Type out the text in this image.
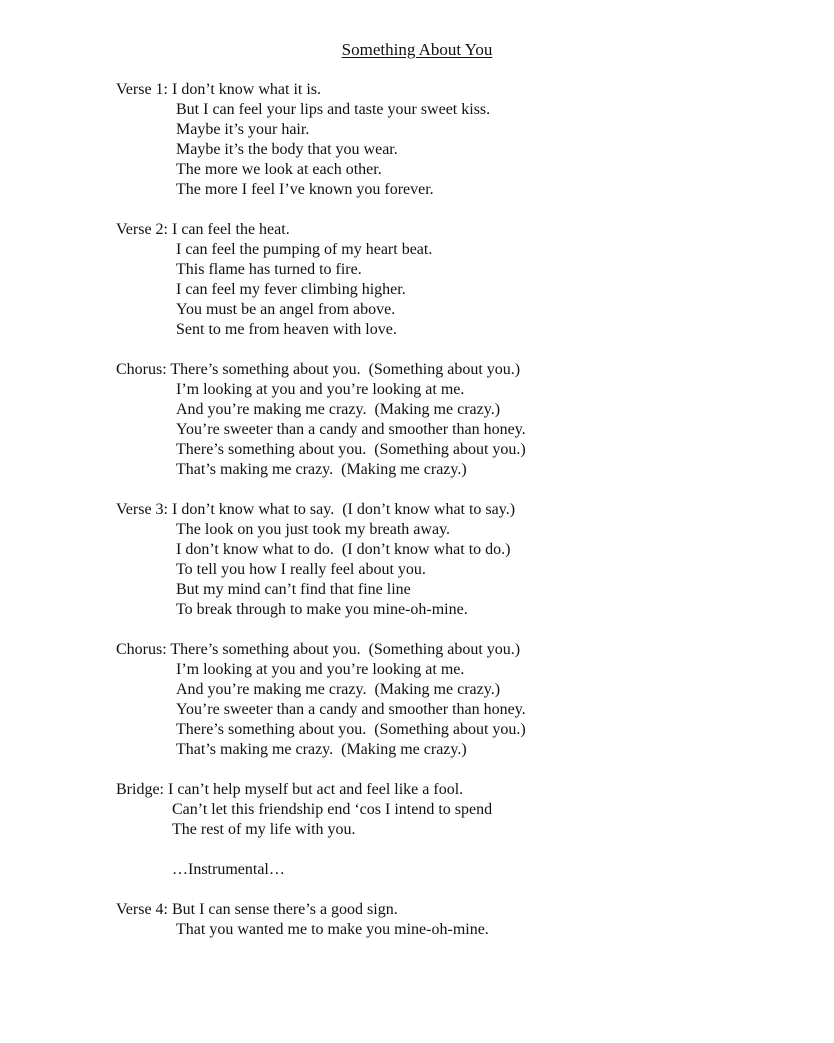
Something About You
Verse 1: I don’t know what it is.
But I can feel your lips and taste your sweet kiss.
Maybe it’s your hair.
Maybe it’s the body that you wear.
The more we look at each other.
The more I feel I’ve known you forever.
Verse 2: I can feel the heat.
I can feel the pumping of my heart beat.
This flame has turned to fire.
I can feel my fever climbing higher.
You must be an angel from above.
Sent to me from heaven with love.
Chorus: There’s something about you.  (Something about you.)
I’m looking at you and you’re looking at me.
And you’re making me crazy.  (Making me crazy.)
You’re sweeter than a candy and smoother than honey.
There’s something about you.  (Something about you.)
That’s making me crazy.  (Making me crazy.)
Verse 3: I don’t know what to say.  (I don’t know what to say.)
The look on you just took my breath away.
I don’t know what to do.  (I don’t know what to do.)
To tell you how I really feel about you.
But my mind can’t find that fine line
To break through to make you mine-oh-mine.
Chorus: There’s something about you.  (Something about you.)
I’m looking at you and you’re looking at me.
And you’re making me crazy.  (Making me crazy.)
You’re sweeter than a candy and smoother than honey.
There’s something about you.  (Something about you.)
That’s making me crazy.  (Making me crazy.)
Bridge: I can’t help myself but act and feel like a fool.
Can’t let this friendship end ‘cos I intend to spend
The rest of my life with you.
…Instrumental…
Verse 4: But I can sense there’s a good sign.
That you wanted me to make you mine-oh-mine.
